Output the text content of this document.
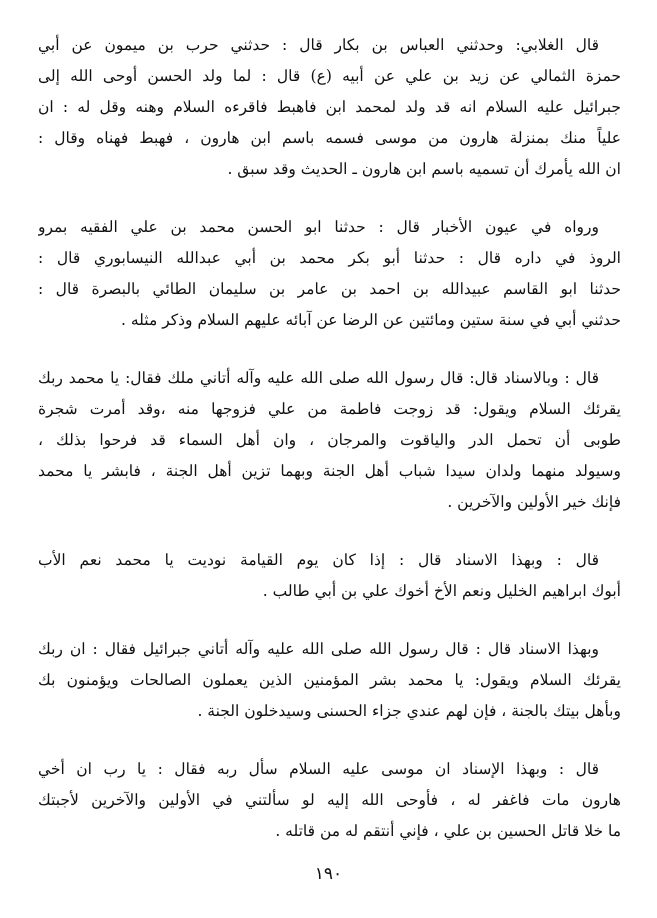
قال الغلابي: وحدثني العباس بن بكار قال : حدثني حرب بن ميمون عن أبي
حمزة الثمالي عن زيد بن علي عن أبيه (ع) قال : لما ولد الحسن أوحى الله إلى
جبرائيل عليه السلام انه قد ولد لمحمد ابن فاهبط فاقرءه السلام وهنه وقل له : ان
علياً منك بمنزلة هارون من موسى فسمه باسم ابن هارون ، فهبط فهناه وقال :
ان الله يأمرك أن تسميه باسم ابن هارون ـ الحديث وقد سبق .

ورواه في عيون الأخبار قال : حدثنا ابو الحسن محمد بن علي الفقيه بمرو
الروذ في داره قال : حدثنا أبو بكر محمد بن أبي عبدالله النيسابوري قال :
حدثنا ابو القاسم عبيدالله بن احمد بن عامر بن سليمان الطائي بالبصرة قال :
حدثني أبي في سنة ستين ومائتين عن الرضا عن آبائه عليهم السلام وذكر مثله .

قال : وبالاسناد قال: قال رسول الله صلى الله عليه وآله أتاني ملك فقال: يا محمد ربك
يقرئك السلام ويقول: قد زوجت فاطمة من علي فزوجها منه ،وقد أمرت شجرة
طوبى أن تحمل الدر والياقوت والمرجان ، وان أهل السماء قد فرحوا بذلك ،
وسيولد منهما ولدان سيدا شباب أهل الجنة وبهما تزين أهل الجنة ، فابشر يا محمد
فإنك خير الأولين والآخرين .

قال : وبهذا الاسناد قال : إذا كان يوم القيامة نوديت يا محمد نعم الأب
أبوك ابراهيم الخليل ونعم الأخ أخوك علي بن أبي طالب .

وبهذا الاسناد قال : قال رسول الله صلى الله عليه وآله أتاني جبرائيل فقال : ان ربك
يقرئك السلام ويقول: يا محمد بشر المؤمنين الذين يعملون الصالحات ويؤمنون بك
وبأهل بيتك بالجنة ، فإن لهم عندي جزاء الحسنى وسيدخلون الجنة .

قال : وبهذا الإسناد ان موسى عليه السلام سأل ربه فقال : يا رب ان أخي
هارون مات فاغفر له ، فأوحى الله إليه لو سألتني في الأولين والآخرين لأجبتك
ما خلا قاتل الحسين بن علي ، فإني أنتقم له من قاتله .

١٩٠
